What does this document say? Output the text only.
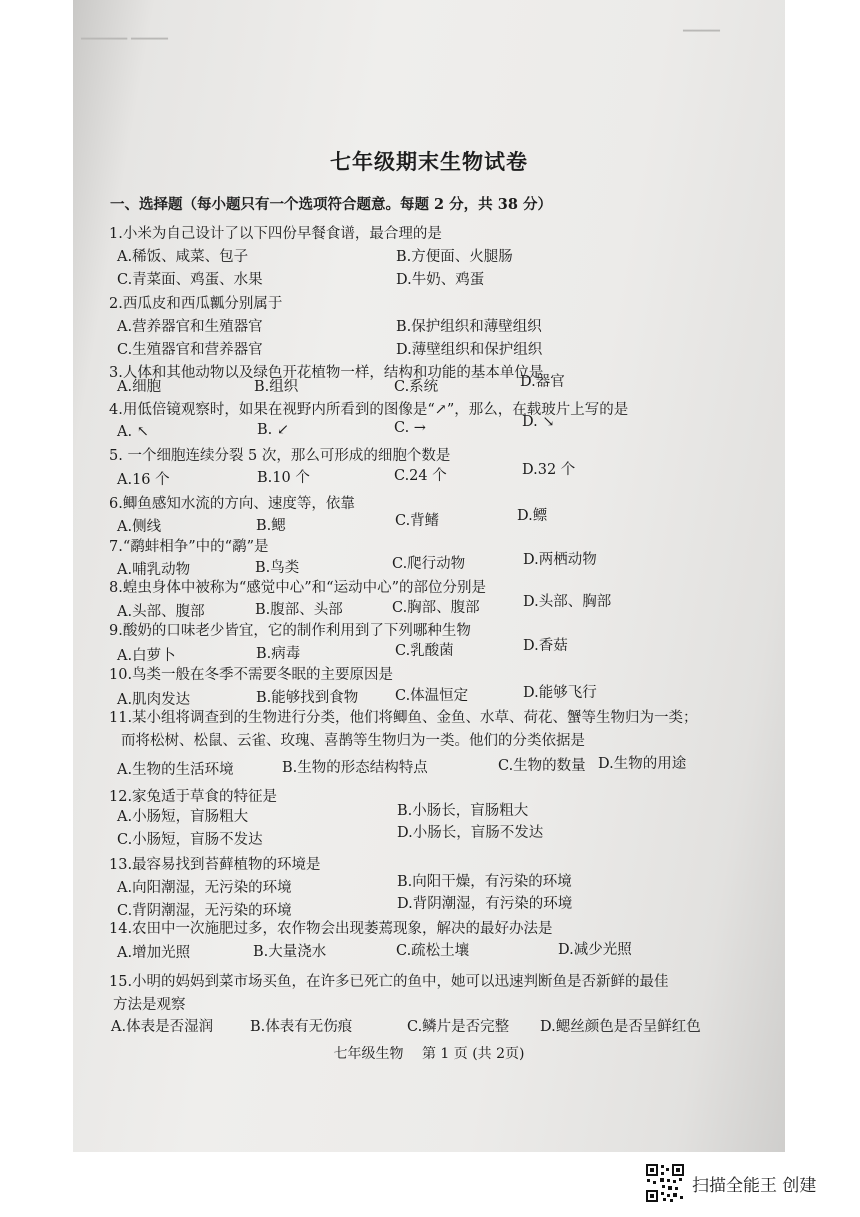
▔▔▔▔▔ ▔▔▔▔
▔▔▔▔
七年级期末生物试卷
一、选择题（每小题只有一个选项符合题意。每题 2 分，共 38 分）
1.小米为自己设计了以下四份早餐食谱，最合理的是
A.稀饭、咸菜、包子	B.方便面、火腿肠
C.青菜面、鸡蛋、水果	D.牛奶、鸡蛋
2.西瓜皮和西瓜瓤分别属于
A.营养器官和生殖器官	B.保护组织和薄壁组织
C.生殖器官和营养器官	D.薄壁组织和保护组织
3.人体和其他动物以及绿色开花植物一样，结构和功能的基本单位是
A.细胞	B.组织	C.系统	D.器官
4.用低倍镜观察时，如果在视野内所看到的图像是“↗”，那么，在载玻片上写的是
A. ↖	B. ↙	C. →	D. ↘
5. 一个细胞连续分裂 5 次，那么可形成的细胞个数是
A.16 个	B.10 个	C.24 个	D.32 个
6.鲫鱼感知水流的方向、速度等，依靠
A.侧线	B.鳃	C.背鳍	D.鳔
7.“鹬蚌相争”中的“鹬”是
A.哺乳动物	B.鸟类	C.爬行动物	D.两栖动物
8.蝗虫身体中被称为“感觉中心”和“运动中心”的部位分别是
A.头部、腹部	B.腹部、头部	C.胸部、腹部	D.头部、胸部
9.酸奶的口味老少皆宜，它的制作利用到了下列哪种生物
A.白萝卜	B.病毒	C.乳酸菌	D.香菇
10.鸟类一般在冬季不需要冬眠的主要原因是
A.肌肉发达	B.能够找到食物	C.体温恒定	D.能够飞行
11.某小组将调查到的生物进行分类，他们将鲫鱼、金鱼、水草、荷花、蟹等生物归为一类；
而将松树、松鼠、云雀、玫瑰、喜鹊等生物归为一类。他们的分类依据是
A.生物的生活环境	B.生物的形态结构特点	C.生物的数量 D.生物的用途
12.家兔适于草食的特征是
A.小肠短，盲肠粗大	B.小肠长，盲肠粗大
C.小肠短，盲肠不发达	D.小肠长，盲肠不发达
13.最容易找到苔藓植物的环境是
A.向阳潮湿，无污染的环境	B.向阳干燥，有污染的环境
C.背阴潮湿，无污染的环境	D.背阴潮湿，有污染的环境
14.农田中一次施肥过多，农作物会出现萎蔫现象，解决的最好办法是
A.增加光照	B.大量浇水	C.疏松土壤	D.减少光照
15.小明的妈妈到菜市场买鱼，在许多已死亡的鱼中，她可以迅速判断鱼是否新鲜的最佳
方法是观察
A.体表是否湿润	B.体表有无伤痕	C.鳞片是否完整 D.鳃丝颜色是否呈鲜红色
七年级生物　 第 1 页 (共 2页)
扫描全能王 创建
